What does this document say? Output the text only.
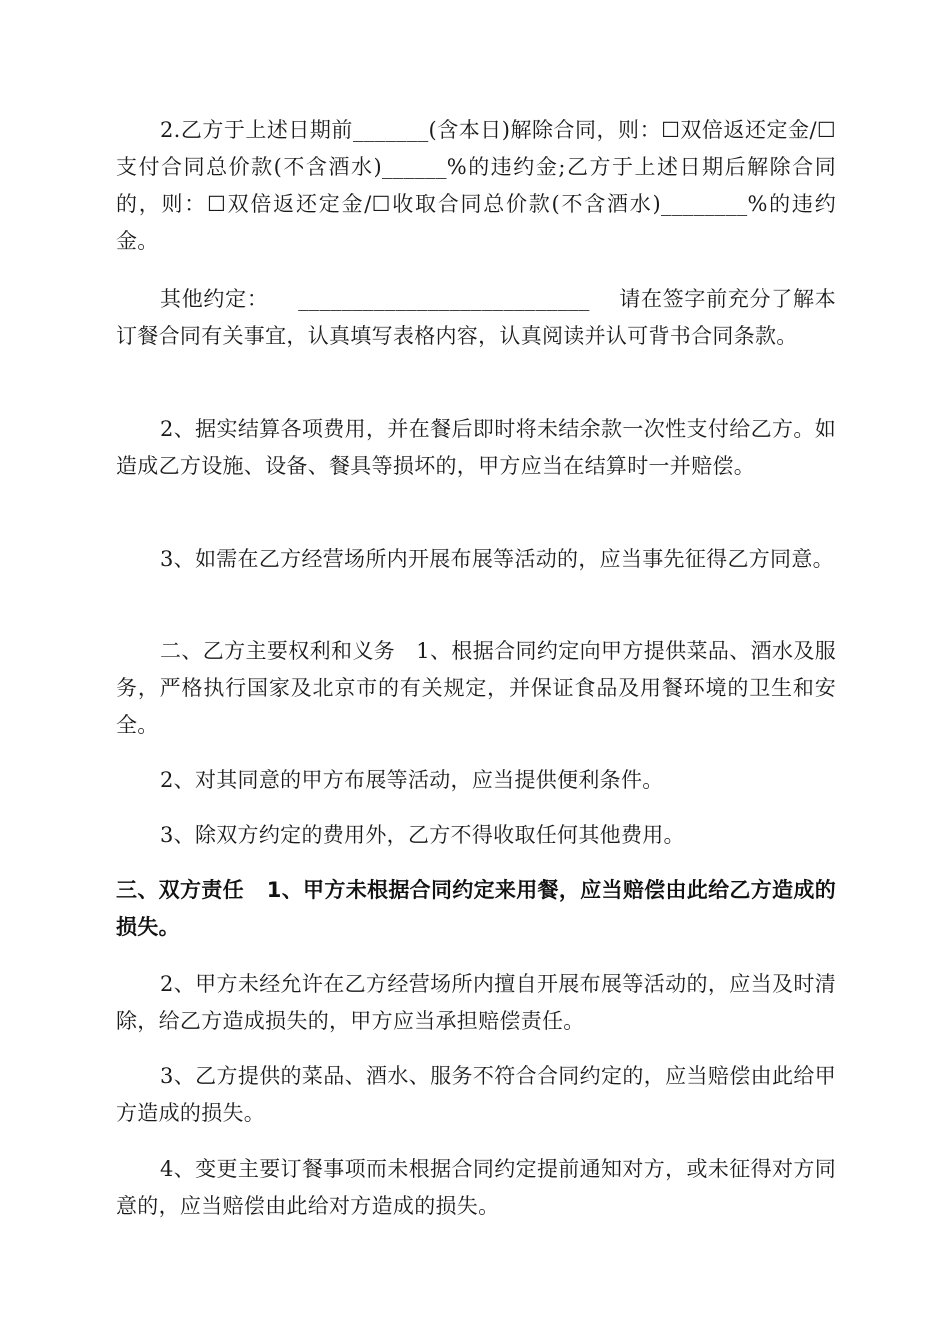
2.乙方于上述日期前_______(含本日)解除合同，则：☐双倍返还定金/☐支付合同总价款(不含酒水)______%的违约金;乙方于上述日期后解除合同的，则：☐双倍返还定金/☐收取合同总价款(不含酒水)________%的违约金。

其他约定：    ___________________________    请在签字前充分了解本订餐合同有关事宜，认真填写表格内容，认真阅读并认可背书合同条款。

2、据实结算各项费用，并在餐后即时将未结余款一次性支付给乙方。如造成乙方设施、设备、餐具等损坏的，甲方应当在结算时一并赔偿。

3、如需在乙方经营场所内开展布展等活动的，应当事先征得乙方同意。

二、乙方主要权利和义务   1、根据合同约定向甲方提供菜品、酒水及服务，严格执行国家及北京市的有关规定，并保证食品及用餐环境的卫生和安全。

2、对其同意的甲方布展等活动，应当提供便利条件。

3、除双方约定的费用外，乙方不得收取任何其他费用。

三、双方责任   1、甲方未根据合同约定来用餐，应当赔偿由此给乙方造成的损失。

2、甲方未经允许在乙方经营场所内擅自开展布展等活动的，应当及时清除，给乙方造成损失的，甲方应当承担赔偿责任。

3、乙方提供的菜品、酒水、服务不符合合同约定的，应当赔偿由此给甲方造成的损失。

4、变更主要订餐事项而未根据合同约定提前通知对方，或未征得对方同意的，应当赔偿由此给对方造成的损失。
